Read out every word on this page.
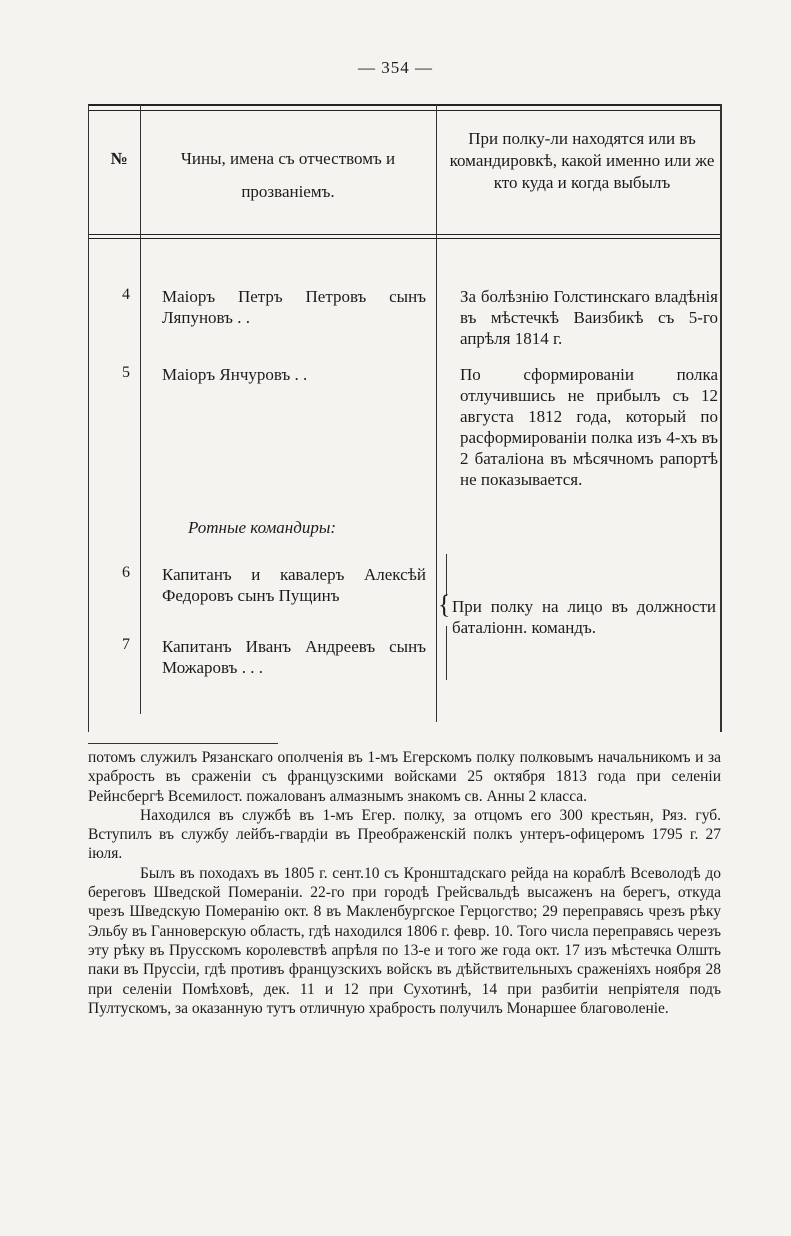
— 354 —
№	Чины, имена съ отчествомъ и прозванiемъ.
При полку-ли находятся или въ командировкѣ, какой именно или же кто куда и когда выбылъ
4 Маiоръ Петръ Петровъ сынъ Ляпуновъ . .
За болѣзнiю Голстинскаго владѣнiя въ мѣстечкѣ Ваизбикѣ съ 5-го апрѣля 1814 г.
5 Маiоръ Янчуровъ . .	По сформированiи полка отлучившись не прибылъ съ 12 августа 1812 года, который по расформированiи полка изъ 4-хъ въ 2 баталiона въ мѣсячномъ рапортѣ не показывается.
Ротные командиры:
6 Капитанъ и кавалеръ Алексѣй Федоровъ сынъ Пущинъ
7 Капитанъ Иванъ Андреевъ сынъ Можаровъ . . .
{ При полку на лицо въ должности баталiонн. командъ.

потомъ служилъ Рязанскаго ополченiя въ 1-мъ Егерскомъ полку полковымъ начальникомъ и за храбрость въ сраженiи съ французскими войсками 25 октября 1813 года при селенiи Рейнсбергѣ Всемилост. пожалованъ алмазнымъ знакомъ св. Анны 2 класса.

Находился въ службѣ въ 1-мъ Егер. полку, за отцомъ его 300 крестьян, Ряз. губ. Вступилъ въ службу лейбъ-гвардiи въ Преображенскiй полкъ унтеръ-офицеромъ 1795 г. 27 iюля.

Былъ въ походахъ въ 1805 г. сент.10 съ Кронштадскаго рейда на кораблѣ Всеволодѣ до береговъ Шведской Померанiи. 22-го при городѣ Грейсвальдѣ высаженъ на берегъ, откуда чрезъ Шведскую Померанiю окт. 8 въ Макленбургское Герцогство; 29 переправясь чрезъ рѣку Эльбу въ Ганноверскую область, гдѣ находился 1806 г. февр. 10. Того числа переправясь черезъ эту рѣку въ Прусскомъ королевствѣ апрѣля по 13-е и того же года окт. 17 изъ мѣстечка Олшть паки въ Пруссiи, гдѣ противъ французскихъ войскъ въ дѣйствительныхъ сраженiяхъ ноября 28 при селенiи Помѣховѣ, дек. 11 и 12 при Сухотинѣ, 14 при разбитiи непрiятеля подъ Пултускомъ, за оказанную тутъ отличную храбрость получилъ Монаршее благоволенiе.
